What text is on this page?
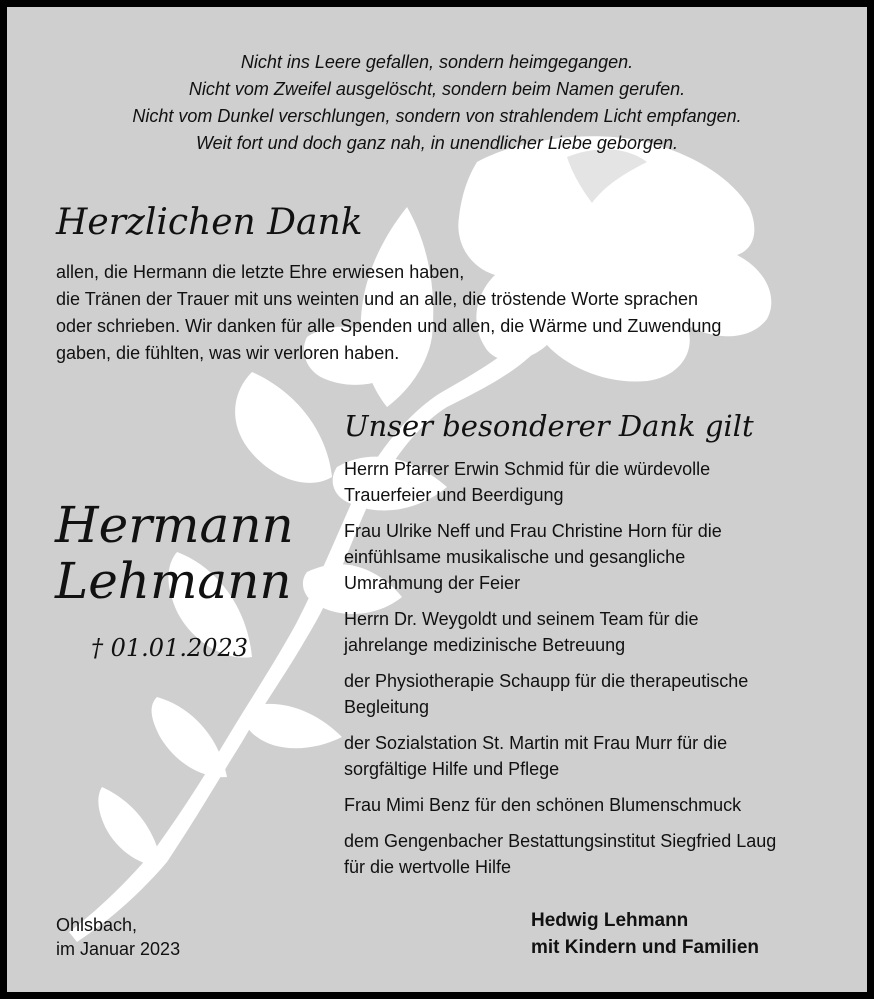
Nicht ins Leere gefallen, sondern heimgegangen.
Nicht vom Zweifel ausgelöscht, sondern beim Namen gerufen.
Nicht vom Dunkel verschlungen, sondern von strahlendem Licht empfangen.
Weit fort und doch ganz nah, in unendlicher Liebe geborgen.
Herzlichen Dank
allen, die Hermann die letzte Ehre erwiesen haben,
die Tränen der Trauer mit uns weinten und an alle, die tröstende Worte sprachen
oder schrieben. Wir danken für alle Spenden und allen, die Wärme und Zuwendung
gaben, die fühlten, was wir verloren haben.
Unser besonderer Dank gilt
Herrn Pfarrer Erwin Schmid für die würdevolle
Trauerfeier und Beerdigung
Frau Ulrike Neff und Frau Christine Horn für die
einfühlsame musikalische und gesangliche
Umrahmung der Feier
Herrn Dr. Weygoldt und seinem Team für die
jahrelange medizinische Betreuung
der Physiotherapie Schaupp für die therapeutische
Begleitung
der Sozialstation St. Martin mit Frau Murr für die
sorgfältige Hilfe und Pflege
Frau Mimi Benz für den schönen Blumenschmuck
dem Gengenbacher Bestattungsinstitut Siegfried Laug
für die wertvolle Hilfe
Hermann
Lehmann
† 01.01.2023
Ohlsbach,
im Januar 2023
Hedwig Lehmann
mit Kindern und Familien
